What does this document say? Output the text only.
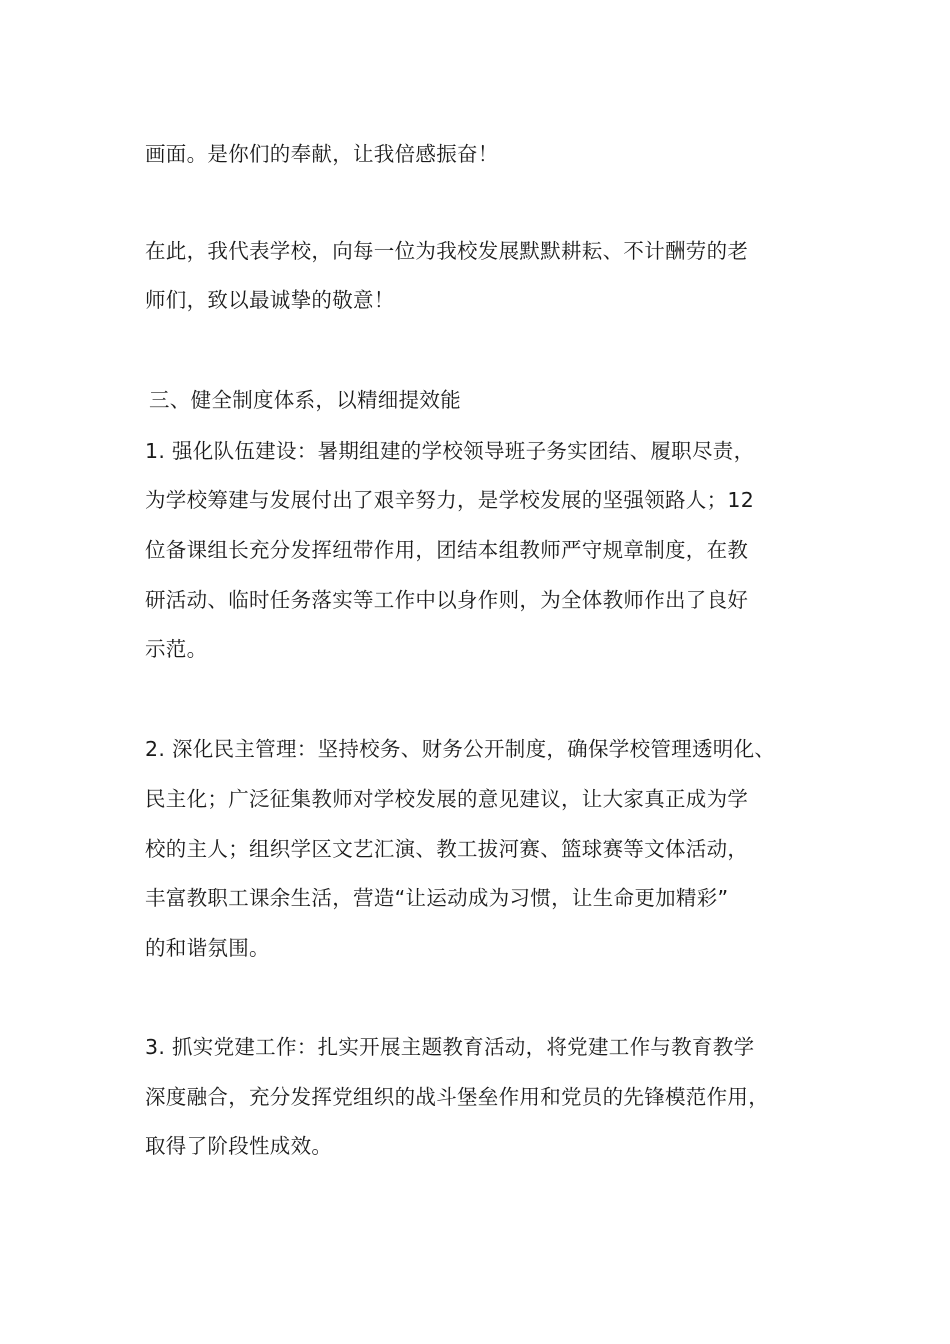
画面。是你们的奉献，让我倍感振奋！
在此，我代表学校，向每一位为我校发展默默耕耘、不计酬劳的老
师们，致以最诚挚的敬意！
三、健全制度体系，以精细提效能
1. 强化队伍建设：暑期组建的学校领导班子务实团结、履职尽责，
为学校筹建与发展付出了艰辛努力，是学校发展的坚强领路人；12
位备课组长充分发挥纽带作用，团结本组教师严守规章制度，在教
研活动、临时任务落实等工作中以身作则，为全体教师作出了良好
示范。
2. 深化民主管理：坚持校务、财务公开制度，确保学校管理透明化、
民主化；广泛征集教师对学校发展的意见建议，让大家真正成为学
校的主人；组织学区文艺汇演、教工拔河赛、篮球赛等文体活动，
丰富教职工课余生活，营造“让运动成为习惯，让生命更加精彩”
的和谐氛围。
3. 抓实党建工作：扎实开展主题教育活动，将党建工作与教育教学
深度融合，充分发挥党组织的战斗堡垒作用和党员的先锋模范作用，
取得了阶段性成效。
